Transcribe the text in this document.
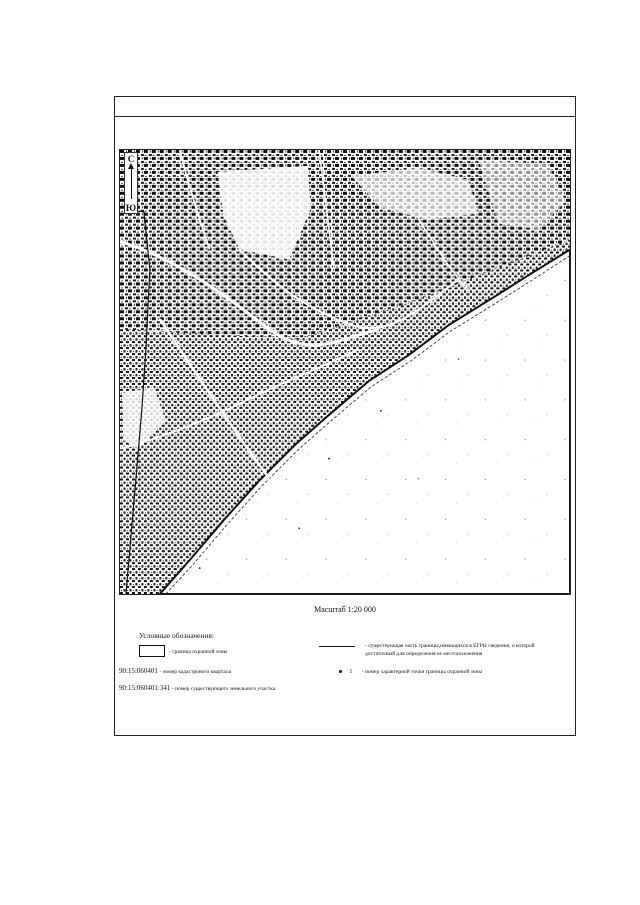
С
Ю
Масштаб 1:20 000
Условные обозначения:
- граница охранной зоны
- существующая часть границы,имеющихся в ЕГРН сведения, о которой достаточный для определения ее местоположения
90:15:060401 - номер кадастрового квартала
90:15:060401:341 - номер существующего земельного участка
1 - номер характерной точки границы охранной зоны
